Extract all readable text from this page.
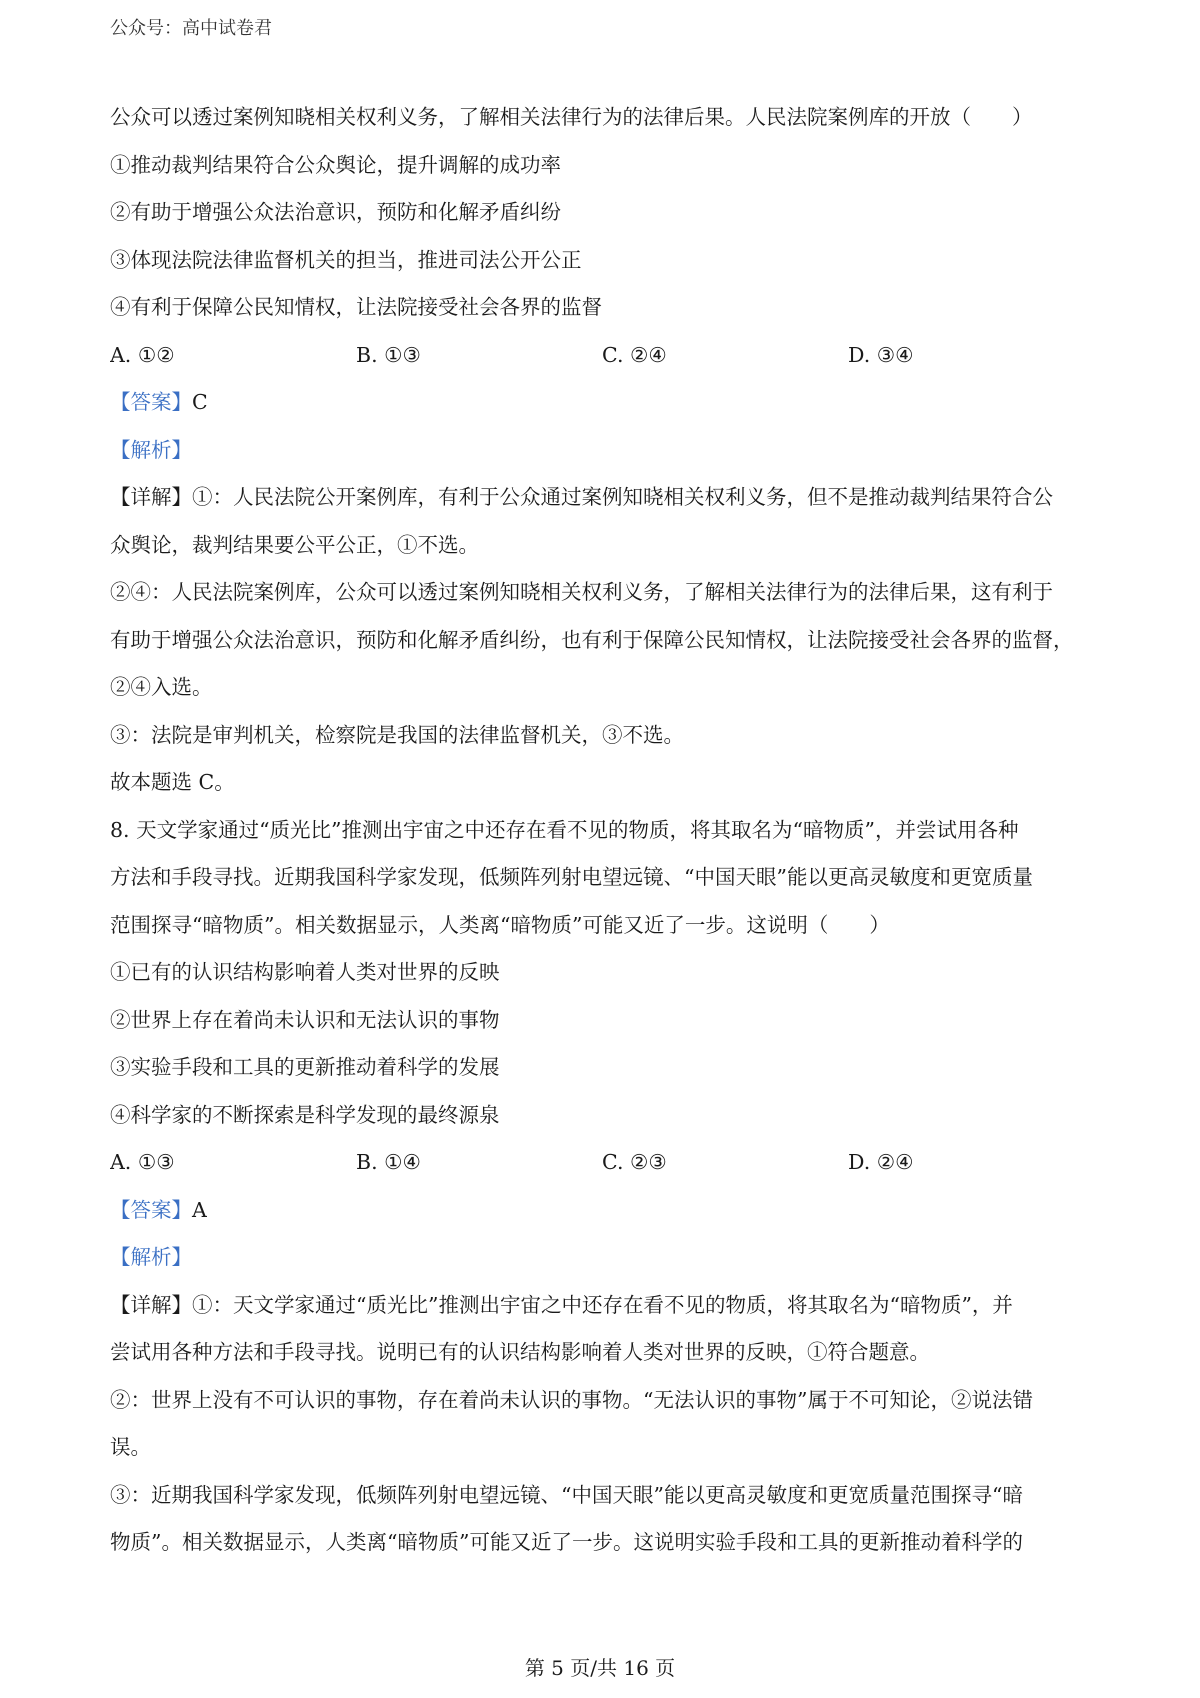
公众号：高中试卷君
公众可以透过案例知晓相关权利义务，了解相关法律行为的法律后果。人民法院案例库的开放（　　）
①推动裁判结果符合公众舆论，提升调解的成功率
②有助于增强公众法治意识，预防和化解矛盾纠纷
③体现法院法律监督机关的担当，推进司法公开公正
④有利于保障公民知情权，让法院接受社会各界的监督
A. ①②	B. ①③	C. ②④	D. ③④
【答案】C
【解析】
【详解】①：人民法院公开案例库，有利于公众通过案例知晓相关权利义务，但不是推动裁判结果符合公
众舆论，裁判结果要公平公正，①不选。
②④：人民法院案例库，公众可以透过案例知晓相关权利义务，了解相关法律行为的法律后果，这有利于
有助于增强公众法治意识，预防和化解矛盾纠纷，也有利于保障公民知情权，让法院接受社会各界的监督，
②④入选。
③：法院是审判机关，检察院是我国的法律监督机关，③不选。
故本题选 C。
8. 天文学家通过“质光比”推测出宇宙之中还存在看不见的物质，将其取名为“暗物质”，并尝试用各种
方法和手段寻找。近期我国科学家发现，低频阵列射电望远镜、“中国天眼”能以更高灵敏度和更宽质量
范围探寻“暗物质”。相关数据显示，人类离“暗物质”可能又近了一步。这说明（　　）
①已有的认识结构影响着人类对世界的反映
②世界上存在着尚未认识和无法认识的事物
③实验手段和工具的更新推动着科学的发展
④科学家的不断探索是科学发现的最终源泉
A. ①③	B. ①④	C. ②③	D. ②④
【答案】A
【解析】
【详解】①：天文学家通过“质光比”推测出宇宙之中还存在看不见的物质，将其取名为“暗物质”，并
尝试用各种方法和手段寻找。说明已有的认识结构影响着人类对世界的反映，①符合题意。
②：世界上没有不可认识的事物，存在着尚未认识的事物。“无法认识的事物”属于不可知论，②说法错
误。
③：近期我国科学家发现，低频阵列射电望远镜、“中国天眼”能以更高灵敏度和更宽质量范围探寻“暗
物质”。相关数据显示，人类离“暗物质”可能又近了一步。这说明实验手段和工具的更新推动着科学的
第 5 页/共 16 页
